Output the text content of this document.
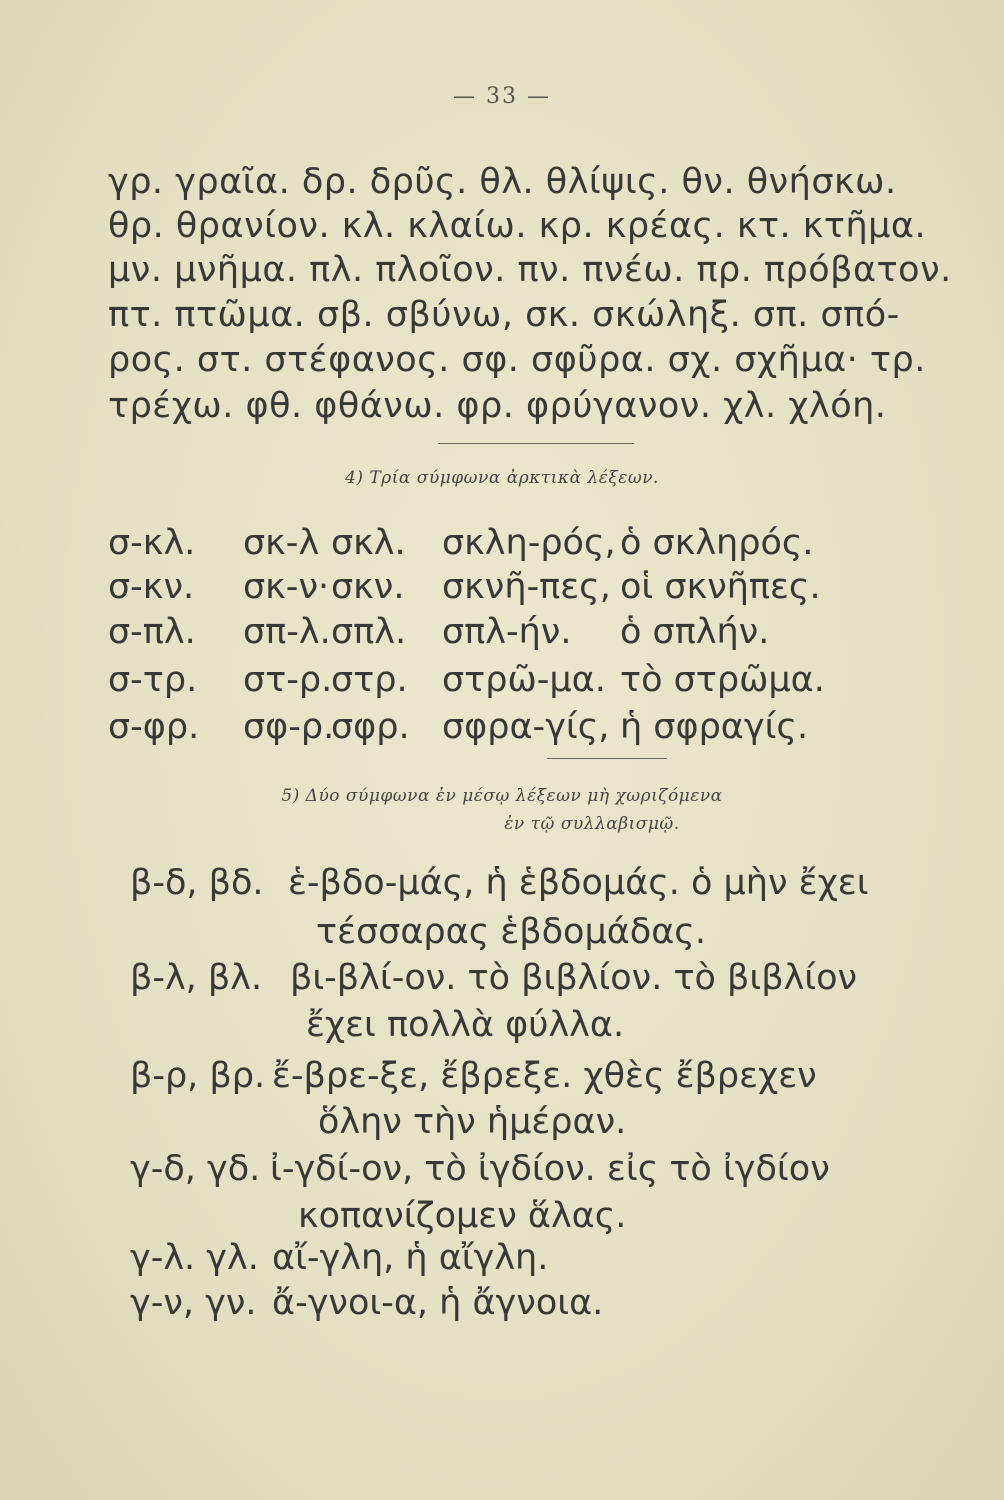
— 33 —
γρ. γραῖα. δρ. δρῦς. θλ. θλίψις. θν. θνήσκω.
θρ. θρανίον. κλ. κλαίω. κρ. κρέας. κτ. κτῆμα.
μν. μνῆμα. πλ. πλοῖον. πν. πνέω. πρ. πρόβατον.
πτ. πτῶμα. σβ. σβύνω, σκ. σκώληξ. σπ. σπό-
ρος. στ. στέφανος. σφ. σφῦρα. σχ. σχῆμα· τρ.
τρέχω. φθ. φθάνω. φρ. φρύγανον. χλ. χλόη.
4) Τρία σύμφωνα ἀρκτικὰ λέξεων.
σ-κλ. σκ-λ σκλ. σκλη-ρός, ὁ σκληρός.
σ-κν. σκ-ν· σκν. σκνῆ-πες, οἱ σκνῆπες.
σ-πλ. σπ-λ. σπλ. σπλ-ήν. ὁ σπλήν.
σ-τρ. στ-ρ.
στρ. στρῶ-μα. τὸ στρῶμα.
σ-φρ. σφ-ρ.
σφρ. σφρα-γίς, ἡ σφραγίς.
5) Δύο σύμφωνα ἐν μέσῳ λέξεων μὴ χωριζόμενα
ἐν τῷ συλλαβισμῷ.
β-δ, βδ. ἑ-βδο-μάς, ἡ ἑβδομάς. ὁ μὴν ἔχει
τέσσαρας ἑβδομάδας.
β-λ, βλ. βι-βλί-ον. τὸ βιβλίον. τὸ βιβλίον
ἔχει πολλὰ φύλλα.
β-ρ, βρ. ἔ-βρε-ξε, ἔβρεξε. χθὲς ἔβρεχεν
ὅλην τὴν ἡμέραν.
γ-δ, γδ. ἰ-γδί-ον, τὸ ἰγδίον. εἰς τὸ ἰγδίον
κοπανίζομεν ἅλας.
γ-λ. γλ. αἴ-γλη, ἡ αἴγλη.
γ-ν, γν. ἄ-γνοι-α, ἡ ἄγνοια.
